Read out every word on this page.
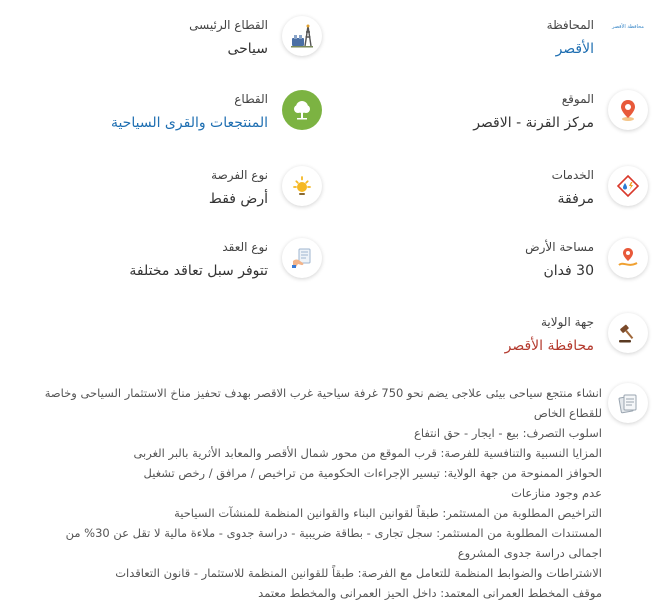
محافظة الأقصر
المحافظة
الأقصر
القطاع الرئيسى
سياحى
الموقع
مركز القرنة - الاقصر
القطاع
المنتجعات والقرى السياحية
الخدمات
مرفقة
نوع الفرصة
أرض فقط
مساحة الأرض
30 فدان
نوع العقد
تتوفر سبل تعاقد مختلفة
جهة الولاية
محافظة الأقصر
انشاء منتجع سياحى بيئى علاجى يضم نحو 750 غرفة سياحية غرب الاقصر بهدف تحفيز مناخ الاستثمار السياحى وخاصة للقطاع الخاص
اسلوب التصرف: بيع - ايجار - حق انتفاع
المزايا النسبية والتنافسية للفرصة: قرب الموقع من محور شمال الأقصر والمعابد الأثرية بالبر الغربى
الحوافز الممنوحة من جهة الولاية: تيسير الإجراءات الحكومية من تراخيص / مرافق / رخص تشغيل
عدم وجود منازعات
التراخيص المطلوبة من المستثمر: طبقاً لقوانين البناء والقوانين المنظمة للمنشآت السياحية
المستندات المطلوبة من المستثمر: سجل تجارى - بطاقة ضريبية - دراسة جدوى - ملاءة مالية لا تقل عن 30% من اجمالى دراسة جدوى المشروع
الاشتراطات والضوابط المنظمة للتعامل مع الفرصة: طبقاً للقوانين المنظمة للاستثمار - قانون التعاقدات
موقف المخطط العمرانى المعتمد: داخل الحيز العمرانى والمخطط معتمد
